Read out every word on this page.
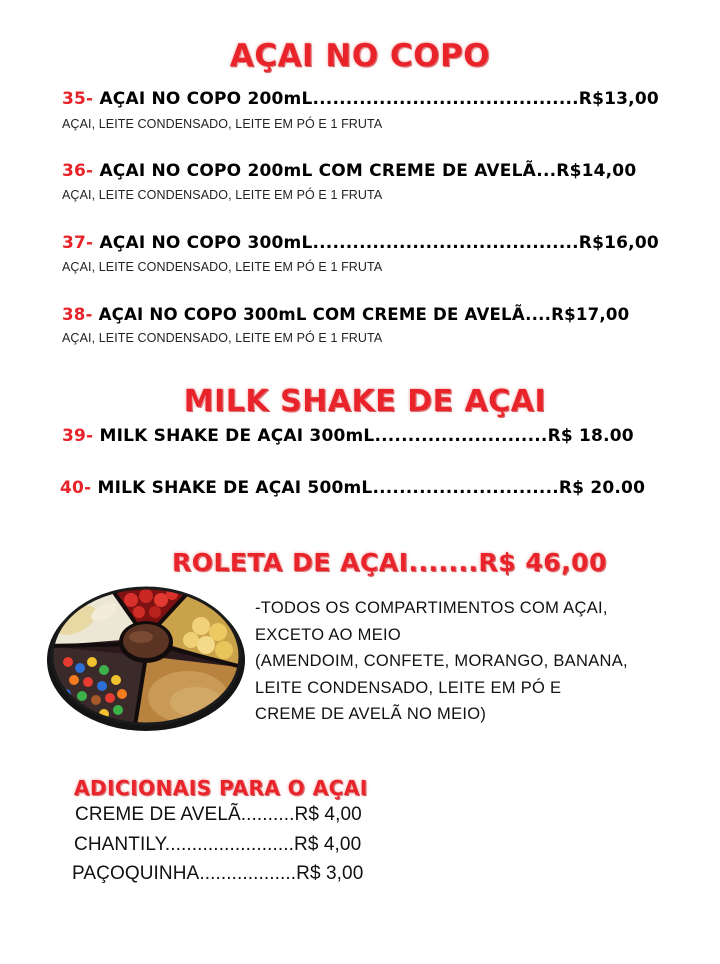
AÇAI NO COPO
35- AÇAI NO COPO 200mL........................................R$13,00
AÇAI, LEITE CONDENSADO, LEITE EM PÓ E 1 FRUTA
36- AÇAI NO COPO 200mL COM CREME DE AVELÃ...R$14,00
AÇAI, LEITE CONDENSADO, LEITE EM PÓ E 1 FRUTA
37- AÇAI NO COPO 300mL........................................R$16,00
AÇAI, LEITE CONDENSADO, LEITE EM PÓ E 1 FRUTA
38- AÇAI NO COPO 300mL COM CREME DE AVELÃ....R$17,00
AÇAI, LEITE CONDENSADO, LEITE EM PÓ E 1 FRUTA
MILK SHAKE DE AÇAI
39- MILK SHAKE DE AÇAI 300mL..........................R$ 18.00
40- MILK SHAKE DE AÇAI 500mL............................R$ 20.00
ROLETA DE AÇAI.......R$ 46,00
-TODOS OS COMPARTIMENTOS COM AÇAI,
EXCETO AO MEIO
(AMENDOIM, CONFETE, MORANGO, BANANA,
LEITE CONDENSADO, LEITE EM PÓ E
CREME DE AVELÃ NO MEIO)
ADICIONAIS PARA O AÇAI
CREME DE AVELÃ..........R$ 4,00
CHANTILY........................R$ 4,00
PAÇOQUINHA..................R$ 3,00
